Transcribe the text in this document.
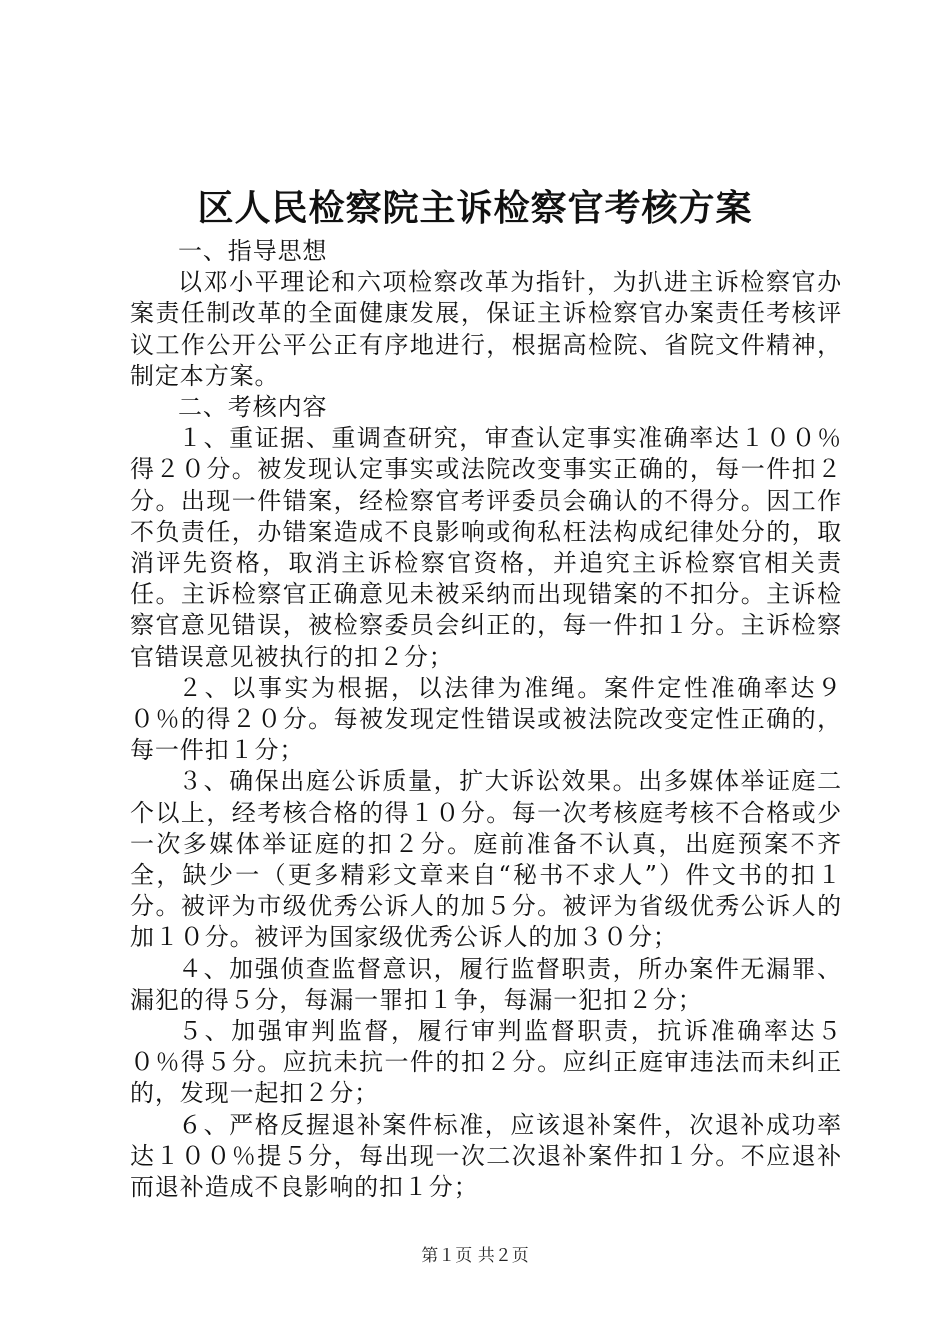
区人民检察院主诉检察官考核方案

一、指导思想

以邓小平理论和六项检察改革为指针，为扒进主诉检察官办案责任制改革的全面健康发展，保证主诉检察官办案责任考核评议工作公开公平公正有序地进行，根据高检院、省院文件精神，制定本方案。

二、考核内容

１、重证据、重调查研究，审查认定事实准确率达１００％得２０分。被发现认定事实或法院改变事实正确的，每一件扣２分。出现一件错案，经检察官考评委员会确认的不得分。因工作不负责任，办错案造成不良影响或徇私枉法构成纪律处分的，取消评先资格，取消主诉检察官资格，并追究主诉检察官相关责任。主诉检察官正确意见未被采纳而出现错案的不扣分。主诉检察官意见错误，被检察委员会纠正的，每一件扣１分。主诉检察官错误意见被执行的扣２分；

２、以事实为根据，以法律为准绳。案件定性准确率达９０％的得２０分。每被发现定性错误或被法院改变定性正确的，每一件扣１分；

３、确保出庭公诉质量，扩大诉讼效果。出多媒体举证庭二个以上，经考核合格的得１０分。每一次考核庭考核不合格或少一次多媒体举证庭的扣２分。庭前准备不认真，出庭预案不齐全，缺少一（更多精彩文章来自“秘书不求人”）件文书的扣１分。被评为市级优秀公诉人的加５分。被评为省级优秀公诉人的加１０分。被评为国家级优秀公诉人的加３０分；

４、加强侦查监督意识，履行监督职责，所办案件无漏罪、漏犯的得５分，每漏一罪扣１争，每漏一犯扣２分；

５、加强审判监督，履行审判监督职责，抗诉准确率达５０％得５分。应抗未抗一件的扣２分。应纠正庭审违法而未纠正的，发现一起扣２分；

６、严格反握退补案件标准，应该退补案件，次退补成功率达１００％提５分，每出现一次二次退补案件扣１分。不应退补而退补造成不良影响的扣１分；

第１页 共２页
